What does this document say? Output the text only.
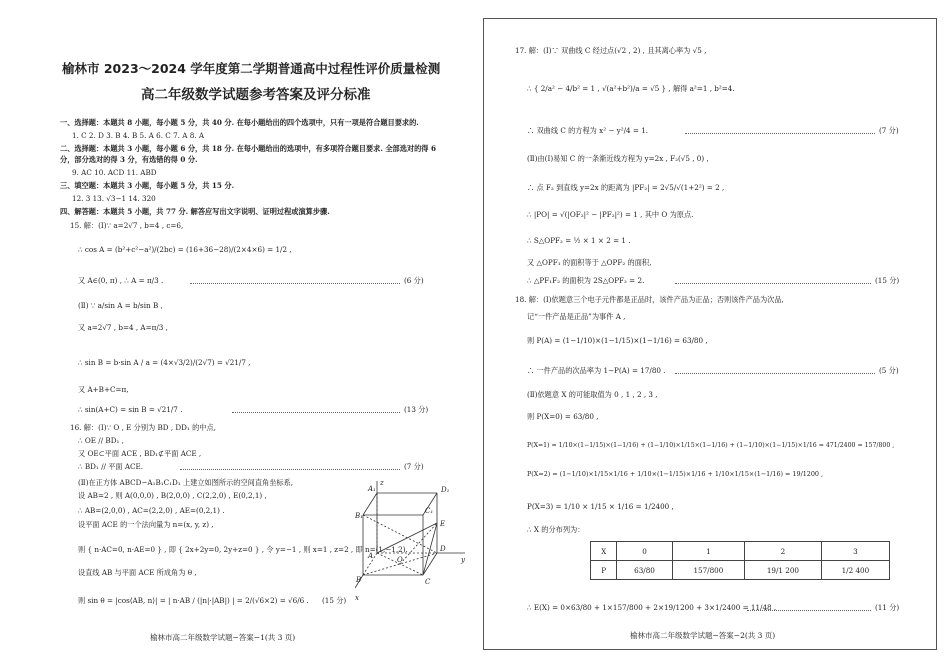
榆林市 2023～2024 学年度第二学期普通高中过程性评价质量检测
高二年级数学试题参考答案及评分标准
一、选择题：本题共 8 小题，每小题 5 分，共 40 分. 在每小题给出的四个选项中，只有一项是符合题目要求的.
1. C 2. D 3. B 4. B 5. A 6. C 7. A 8. A
二、选择题：本题共 3 小题，每小题 6 分，共 18 分. 在每小题给出的选项中，有多项符合题目要求. 全部选对的得 6
分，部分选对的得 3 分，有选错的得 0 分.
9. AC 10. ACD 11. ABD
三、填空题：本题共 3 小题，每小题 5 分，共 15 分.
12. 3 13. √3−1 14. 320
四、解答题：本题共 5 小题，共 77 分. 解答应写出文字说明、证明过程或演算步骤.
15. 解：(Ⅰ)∵ a=2√7 , b=4 , c=6,
∴ cos A = (b²+c²−a²)/(2bc) = (16+36−28)/(2×4×6) = 1/2 ,
又 A∈(0, π) , ∴ A = π/3 .	(6 分)
(Ⅱ) ∵ a/sin A = b/sin B ,
又 a=2√7 , b=4 , A=π/3 ,
∴ sin B = b·sin A / a = (4×√3/2)/(2√7) = √21/7 ,
又 A+B+C=π,
∴ sin(A+C) = sin B = √21/7 .	(13 分)
16. 解：(Ⅰ)∵ O , E 分别为 BD , DD₁ 的中点,
∴ OE // BD₁ ,
又 OE⊂平面 ACE , BD₁⊄平面 ACE ,
∴ BD₁ // 平面 ACE.	(7 分)
(Ⅱ)在正方体 ABCD−A₁B₁C₁D₁ 上建立如图所示的空间直角坐标系,
设 AB=2 , 则 A(0,0,0) , B(2,0,0) , C(2,2,0) , E(0,2,1) ,
∴ AB=(2,0,0) , AC=(2,2,0) , AE=(0,2,1) .
设平面 ACE 的一个法向量为 n=(x, y, z) ,
则 { n·AC=0, n·AE=0 } , 即 { 2x+2y=0, 2y+z=0 } , 令 y=−1 , 则 x=1 , z=2 , 即 n=(1,−1,2).
设直线 AB 与平面 ACE 所成角为 θ ,
则 sin θ = |cos⟨AB, n⟩| = | n·AB / (|n|·|AB|) | = 2/(√6×2) = √6/6 . (15 分)
z
A₁	D₁
B₁
C₁
E
A
D
O
B	C
x
y
榆林市高二年级数学试题−答案−1(共 3 页)
17. 解：(Ⅰ)∵ 双曲线 C 经过点(√2 , 2) , 且其离心率为 √5 ,
∴ { 2/a² − 4/b² = 1 , √(a²+b²)/a = √5 } , 解得 a²=1 , b²=4.
∴ 双曲线 C 的方程为 x² − y²/4 = 1.	(7 分)
(Ⅱ)由(Ⅰ)易知 C 的一条渐近线方程为 y=2x , F₂(√5 , 0) ,
∴ 点 F₂ 到直线 y=2x 的距离为 |PF₂| = 2√5/√(1+2²) = 2 ,
∴ |PO| = √(|OF₂|² − |PF₂|²) = 1 , 其中 O 为原点.
∴ S△OPF₂ = ½ × 1 × 2 = 1 .
又 △OPF₁ 的面积等于 △OPF₂ 的面积,
∴ △PF₁F₂ 的面积为 2S△OPF₂ = 2.	(15 分)
18. 解：(Ⅰ)依题意三个电子元件都是正品时，该件产品为正品；否则该件产品为次品,
记“一件产品是正品”为事件 A ,
则 P(A) = (1−1/10)×(1−1/15)×(1−1/16) = 63/80 ,
∴ 一件产品的次品率为 1−P(A) = 17/80 .	(5 分)
(Ⅱ)依题意 X 的可能取值为 0 , 1 , 2 , 3 ,
则 P(X=0) = 63/80 ,
P(X=1) = 1/10×(1−1/15)×(1−1/16) + (1−1/10)×1/15×(1−1/16) + (1−1/10)×(1−1/15)×1/16 = 471/2400 = 157/800 ,
P(X=2) = (1−1/10)×1/15×1/16 + 1/10×(1−1/15)×1/16 + 1/10×1/15×(1−1/16) = 19/1200 ,
P(X=3) = 1/10 × 1/15 × 1/16 = 1/2400 ,
∴ X 的分布列为：
X	0	1	2	3
P	63/80	157/800	19/1 200	1/2 400
∴ E(X) = 0×63/80 + 1×157/800 + 2×19/1200 + 3×1/2400 = 11/48 .	(11 分)
榆林市高二年级数学试题−答案−2(共 3 页)
